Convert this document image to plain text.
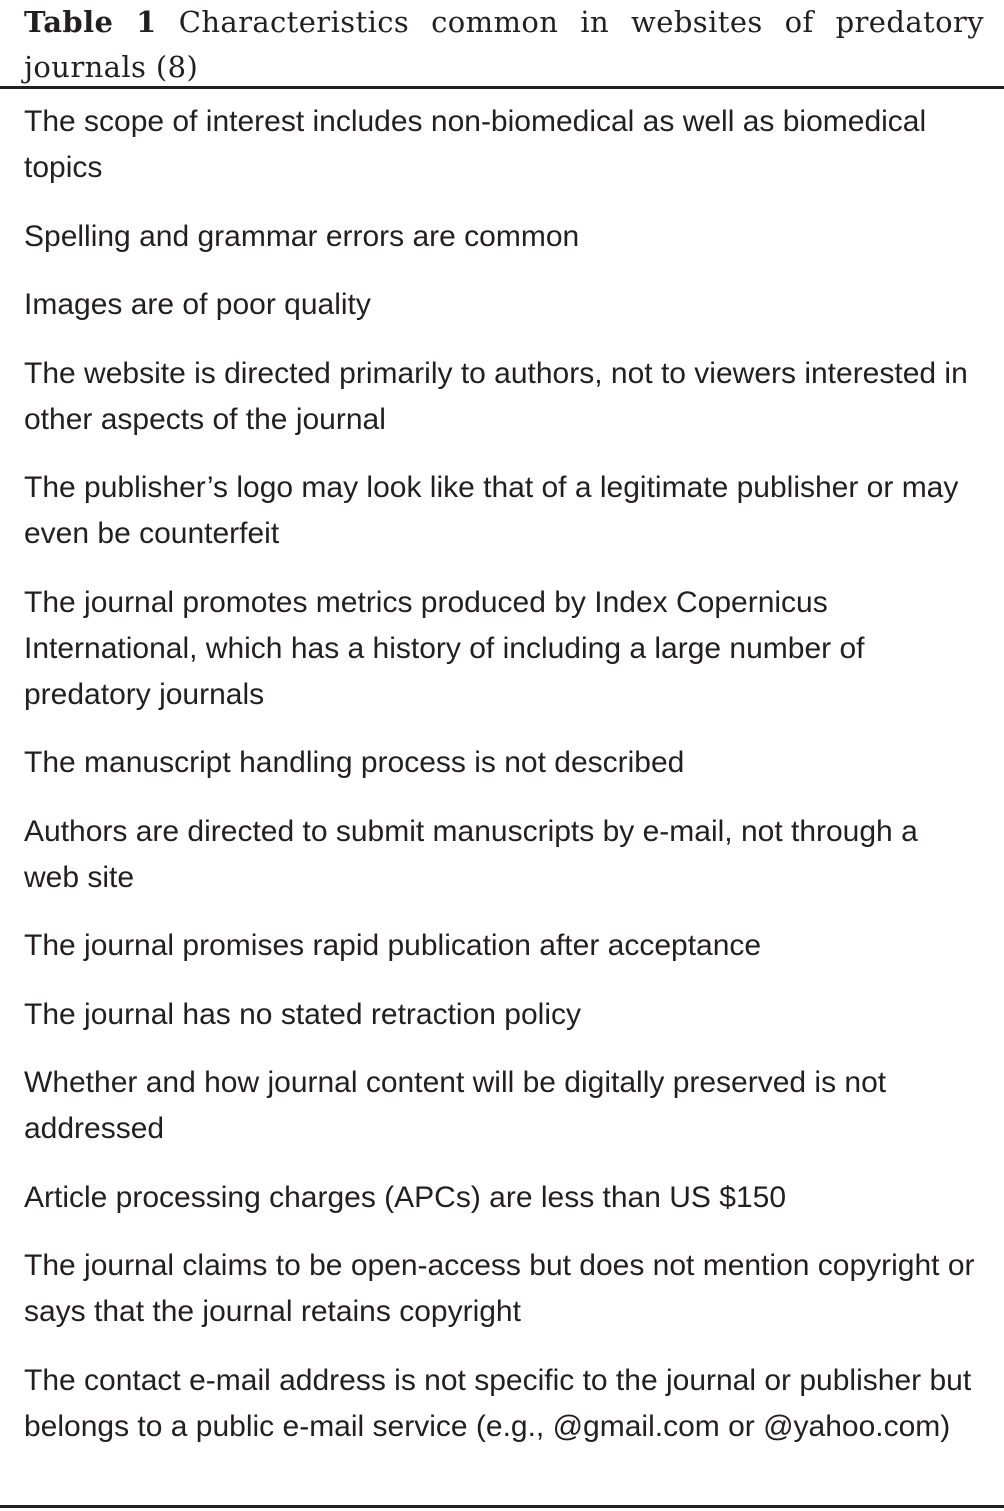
Table 1 Characteristics common in websites of predatory journals (8)
The scope of interest includes non-biomedical as well as biomedical topics
Spelling and grammar errors are common
Images are of poor quality
The website is directed primarily to authors, not to viewers interested in other aspects of the journal
The publisher’s logo may look like that of a legitimate publisher or may even be counterfeit
The journal promotes metrics produced by Index Copernicus International, which has a history of including a large number of predatory journals
The manuscript handling process is not described
Authors are directed to submit manuscripts by e-mail, not through a web site
The journal promises rapid publication after acceptance
The journal has no stated retraction policy
Whether and how journal content will be digitally preserved is not addressed
Article processing charges (APCs) are less than US $150
The journal claims to be open-access but does not mention copyright or says that the journal retains copyright
The contact e-mail address is not specific to the journal or publisher but belongs to a public e-mail service (e.g., @gmail.com or @yahoo.com)
